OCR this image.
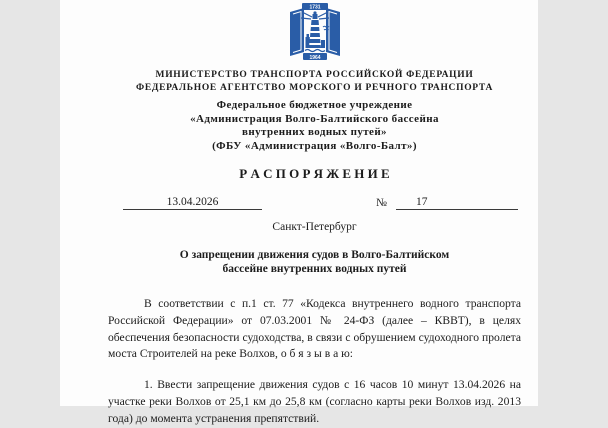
1731
1964
МИНИСТЕРСТВО ТРАНСПОРТА РОССИЙСКОЙ ФЕДЕРАЦИИ
ФЕДЕРАЛЬНОЕ АГЕНТСТВО МОРСКОГО И РЕЧНОГО ТРАНСПОРТА
Федеральное бюджетное учреждение
«Администрация Волго-Балтийского бассейна
внутренних водных путей»
(ФБУ «Администрация «Волго-Балт»)
Р А С П О Р Я Ж Е Н И Е
13.04.2026	№	17
Санкт-Петербург
О запрещении движения судов в Волго-Балтийском
бассейне внутренних водных путей
В соответствии с п.1 ст. 77 «Кодекса внутреннего водного транспорта Российской Федерации» от 07.03.2001 № 24-ФЗ (далее – КВВТ), в целях обеспечения безопасности судоходства, в связи с обрушением судоходного пролета моста Строителей на реке Волхов, о б я з ы в а ю:
1. Ввести запрещение движения судов с 16 часов 10 минут 13.04.2026 на участке реки Волхов от 25,1 км до 25,8 км (согласно карты реки Волхов изд. 2013 года) до момента устранения препятствий.
